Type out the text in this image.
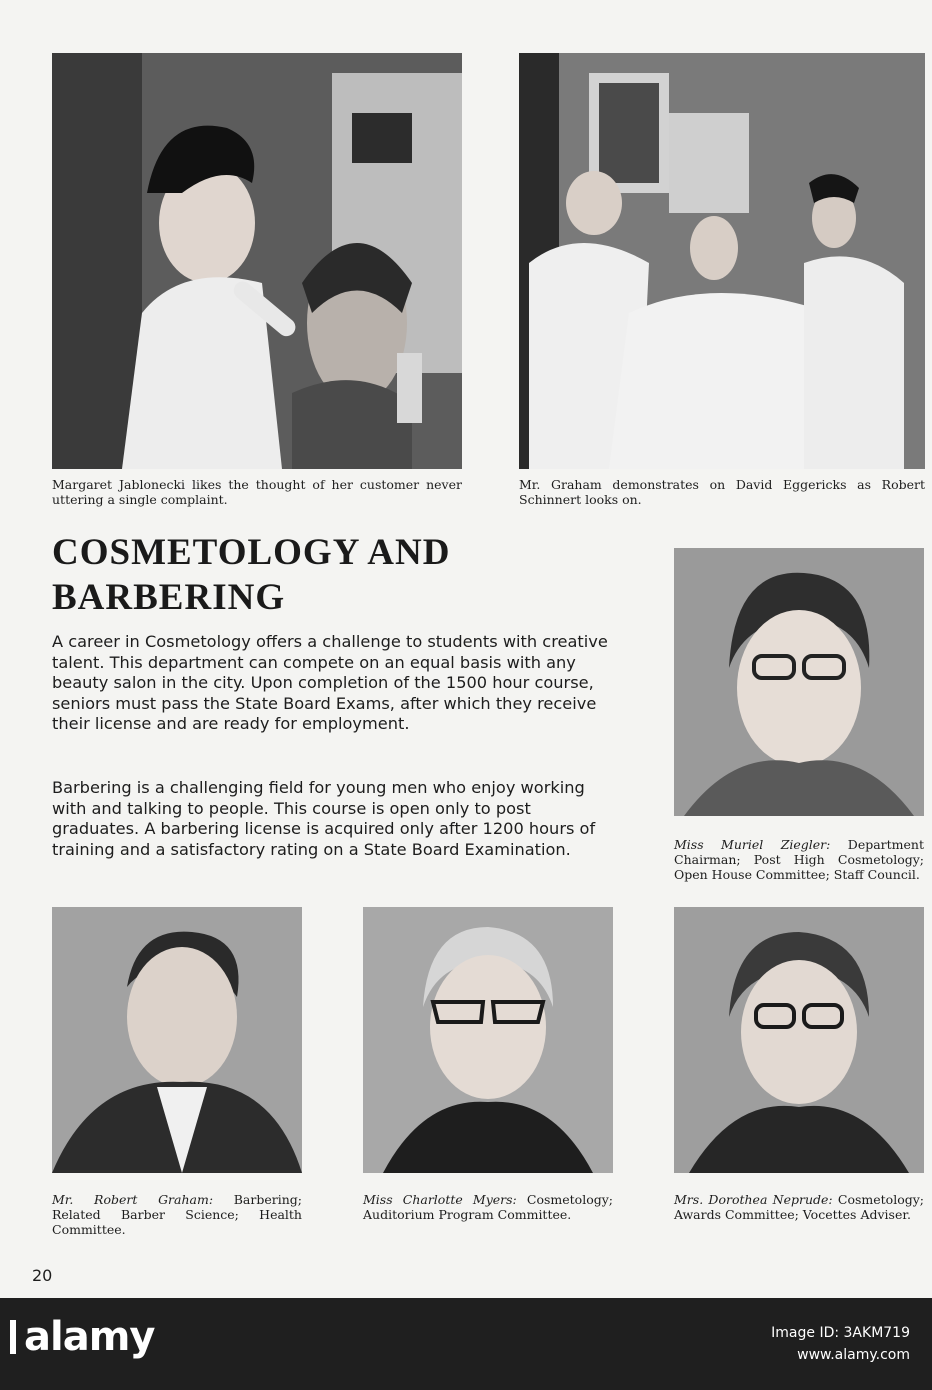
Margaret Jablonecki likes the thought of her customer never uttering a single complaint.
Mr. Graham demonstrates on David Eggericks as Robert Schinnert looks on.
COSMETOLOGY AND
BARBERING

A career in Cosmetology offers a challenge to students with creative talent. This department can compete on an equal basis with any beauty salon in the city. Upon completion of the 1500 hour course, seniors must pass the State Board Exams, after which they receive their license and are ready for employment.

Barbering is a challenging field for young men who enjoy working with and talking to people. This course is open only to post graduates. A barbering license is acquired only after 1200 hours of training and a satisfactory rating on a State Board Examination.	Miss Muriel Ziegler: Department Chairman; Post High Cosmetology; Open House Committee; Staff Council.
Mr. Robert Graham: Barbering; Related Barber Science; Health Committee.
Miss Charlotte Myers: Cosmetology; Auditorium Program Committee.
Mrs. Dorothea Neprude: Cosmetology; Awards Committee; Vocettes Adviser.
20
alamy	Image ID: 3AKM719
www.alamy.com
